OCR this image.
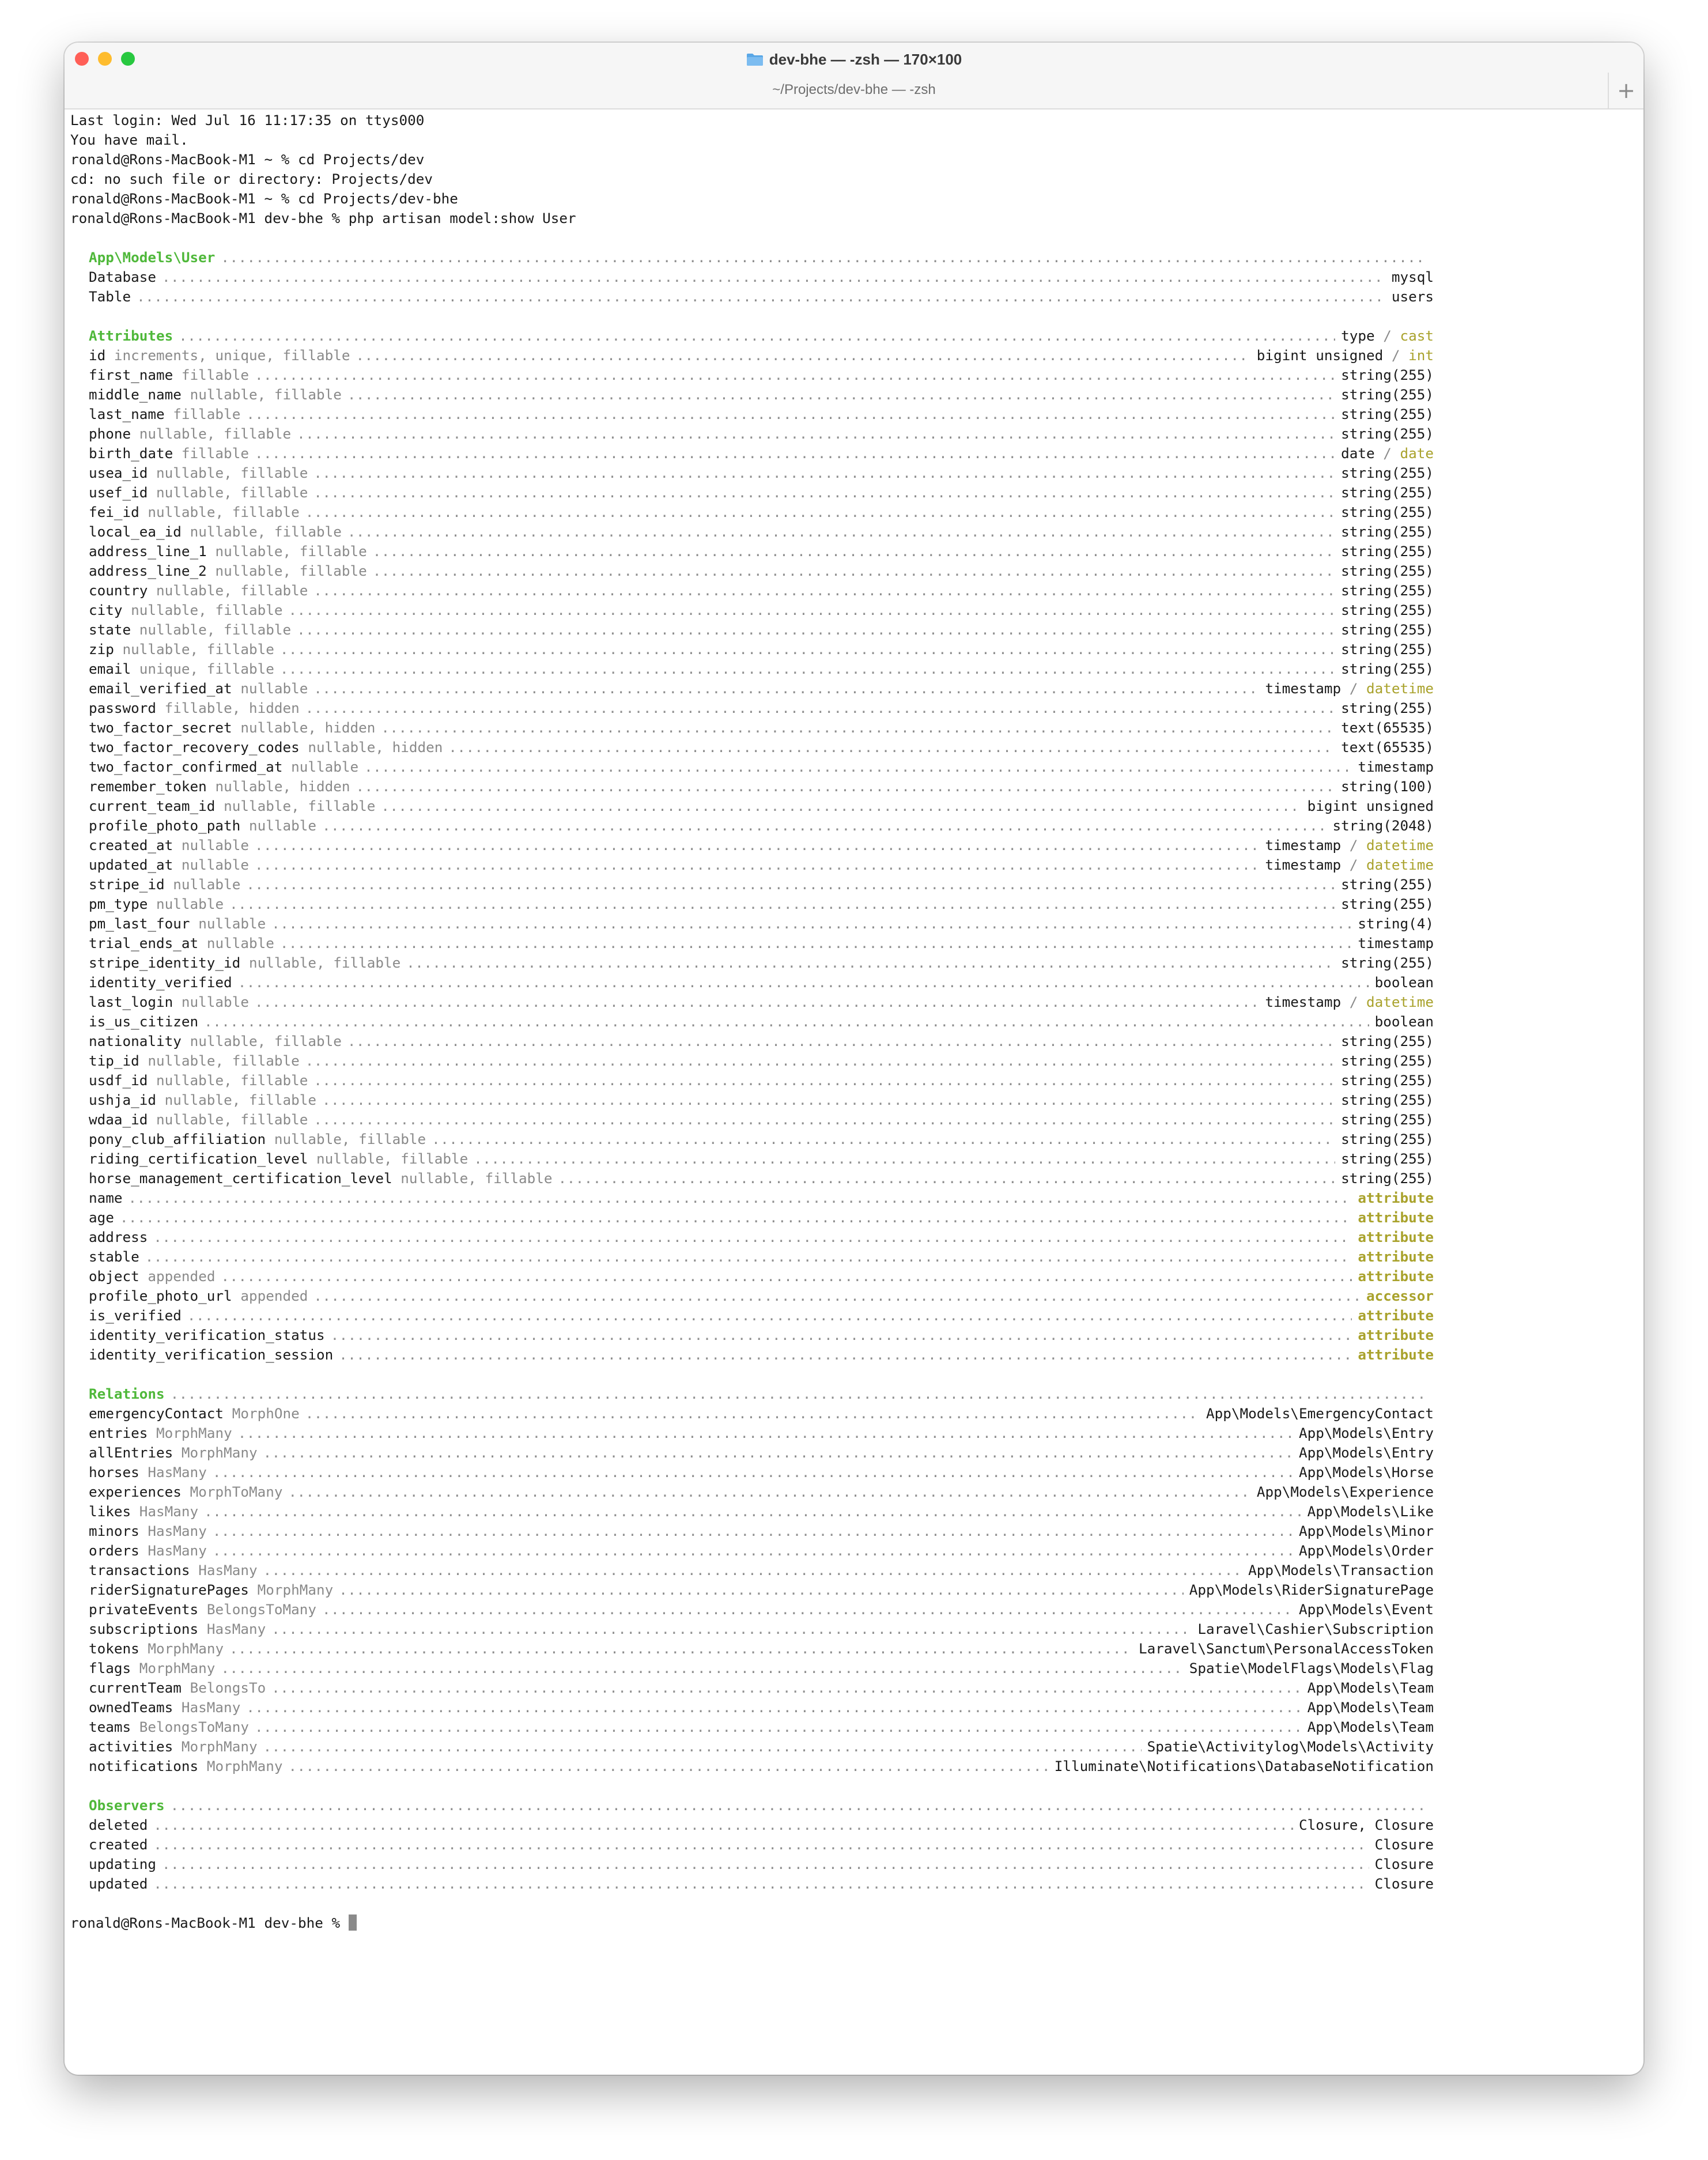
dev-bhe — -zsh — 170×100
~/Projects/dev-bhe — -zsh	+
Last login: Wed Jul 16 11:17:35 on ttys000
You have mail.
ronald@Rons-MacBook-M1 ~ % cd Projects/dev
cd: no such file or directory: Projects/dev
ronald@Rons-MacBook-M1 ~ % cd Projects/dev-bhe
ronald@Rons-MacBook-M1 dev-bhe % php artisan model:show User
App\Models\User
.....
Database .....	mysql
Table .....	users
Attributes .....	type / cast
id increments, unique, fillable .....	bigint unsigned / int
first_name fillable .....	string(255)
middle_name nullable, fillable .....	string(255)
last_name fillable .....	string(255)
phone nullable, fillable .....	string(255)
birth_date fillable .....	date / date
usea_id nullable, fillable .....	string(255)
usef_id nullable, fillable .....	string(255)
fei_id nullable, fillable .....	string(255)
local_ea_id nullable, fillable .....	string(255)
address_line_1 nullable, fillable .....	string(255)
address_line_2 nullable, fillable .....	string(255)
country nullable, fillable .....	string(255)
city nullable, fillable .....	string(255)
state nullable, fillable .....	string(255)
zip nullable, fillable .....	string(255)
email unique, fillable .....	string(255)
email_verified_at nullable .....	timestamp / datetime
password fillable, hidden .....	string(255)
two_factor_secret nullable, hidden .....	text(65535)
two_factor_recovery_codes nullable, hidden .....	text(65535)
two_factor_confirmed_at nullable .....	timestamp
remember_token nullable, hidden .....	string(100)
current_team_id nullable, fillable .....	bigint unsigned
profile_photo_path nullable .....	string(2048)
created_at nullable .....	timestamp / datetime
updated_at nullable .....	timestamp / datetime
stripe_id nullable .....	string(255)
pm_type nullable .....	string(255)
pm_last_four nullable .....	string(4)
trial_ends_at nullable .....	timestamp
stripe_identity_id nullable, fillable .....	string(255)
identity_verified .....	boolean
last_login nullable .....	timestamp / datetime
is_us_citizen .....	boolean
nationality nullable, fillable .....	string(255)
tip_id nullable, fillable .....	string(255)
usdf_id nullable, fillable .....	string(255)
ushja_id nullable, fillable .....	string(255)
wdaa_id nullable, fillable .....	string(255)
pony_club_affiliation nullable, fillable .....	string(255)
riding_certification_level nullable, fillable .....	string(255)
horse_management_certification_level nullable, fillable .....	string(255)
name .....	attribute
age .....	attribute
address .....	attribute
stable .....	attribute
object appended .....	attribute
profile_photo_url appended .....	accessor
is_verified .....	attribute
identity_verification_status .....	attribute
identity_verification_session .....	attribute
Relations
.....
emergencyContact MorphOne .....	App\Models\EmergencyContact
entries MorphMany .....	App\Models\Entry
allEntries MorphMany .....	App\Models\Entry
horses HasMany .....	App\Models\Horse
experiences MorphToMany .....	App\Models\Experience
likes HasMany .....	App\Models\Like
minors HasMany .....	App\Models\Minor
orders HasMany .....	App\Models\Order
transactions HasMany .....	App\Models\Transaction
riderSignaturePages MorphMany .....	App\Models\RiderSignaturePage
privateEvents BelongsToMany .....	App\Models\Event
subscriptions HasMany .....	Laravel\Cashier\Subscription
tokens MorphMany .....	Laravel\Sanctum\PersonalAccessToken
flags MorphMany .....	Spatie\ModelFlags\Models\Flag
currentTeam BelongsTo .....	App\Models\Team
ownedTeams HasMany .....	App\Models\Team
teams BelongsToMany .....	App\Models\Team
activities MorphMany .....	Spatie\Activitylog\Models\Activity
notifications MorphMany .....	Illuminate\Notifications\DatabaseNotification
Observers
.....
deleted .....	Closure, Closure
created .....	Closure
updating .....	Closure
updated .....	Closure
ronald@Rons-MacBook-M1 dev-bhe %
